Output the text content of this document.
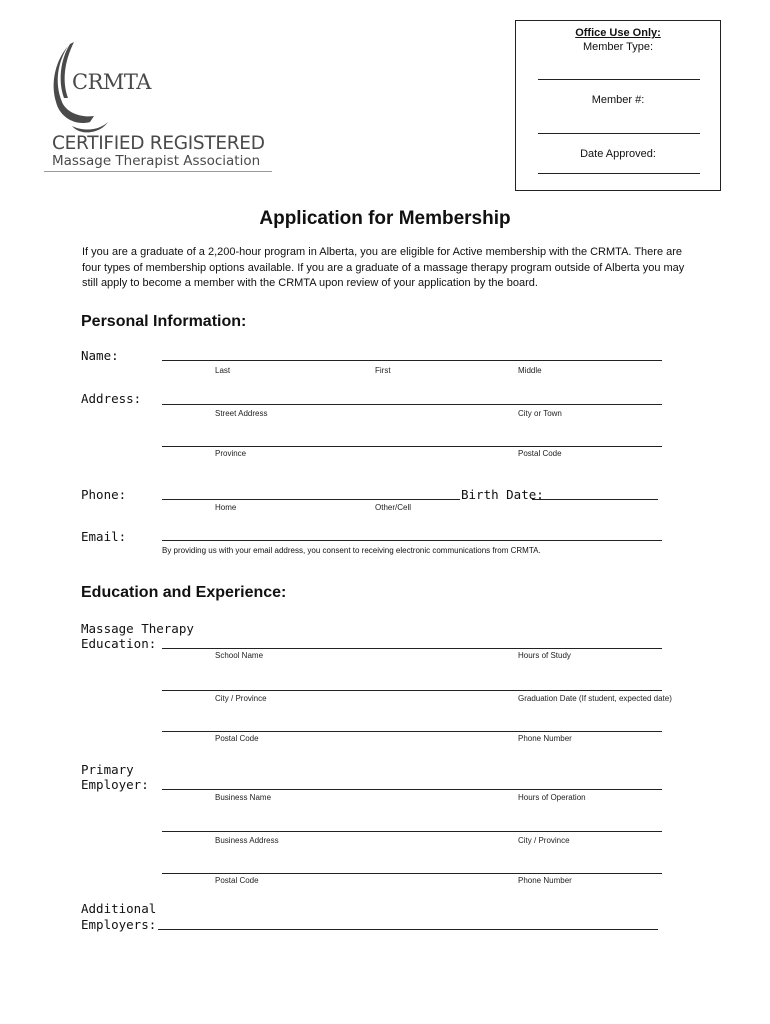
CRMTA
CERTIFIED REGISTERED
Massage Therapist Association
Office Use Only:
Member Type:
Member #:
Date Approved:
Application for Membership
If you are a graduate of a 2,200-hour program in Alberta, you are eligible for Active membership with the CRMTA. There are four types of membership options available. If you are a graduate of a massage therapy program outside of Alberta you may still apply to become a member with the CRMTA upon review of your application by the board.
Personal Information:
Name:
Last	First	Middle
Address:
Street Address	City or Town
Province	Postal Code
Phone:
Home	Other/Cell
Birth Date:
Email:
By providing us with your email address, you consent to receiving electronic communications from CRMTA.
Education and Experience:
Massage Therapy
Education:
School Name	Hours of Study
City / Province	Graduation Date (If student, expected date)
Postal Code	Phone Number
Primary
Employer:
Business Name	Hours of Operation
Business Address	City / Province
Postal Code	Phone Number
Additional
Employers:
